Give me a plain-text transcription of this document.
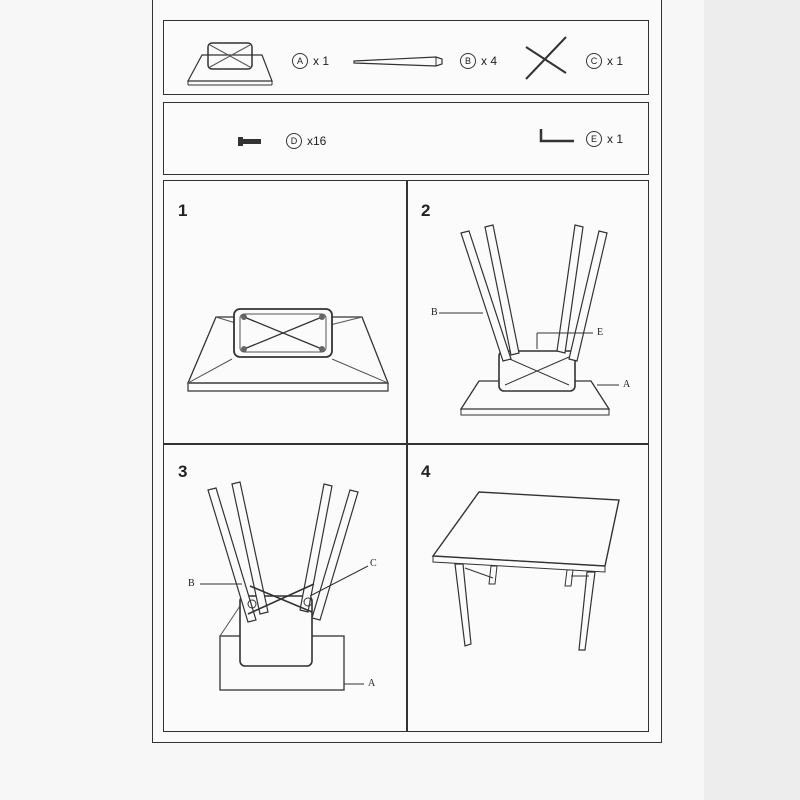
A x 1	B x 4	C x 1
D x16	E x 1
1	2
B
E
A
3
B
C
A
4
